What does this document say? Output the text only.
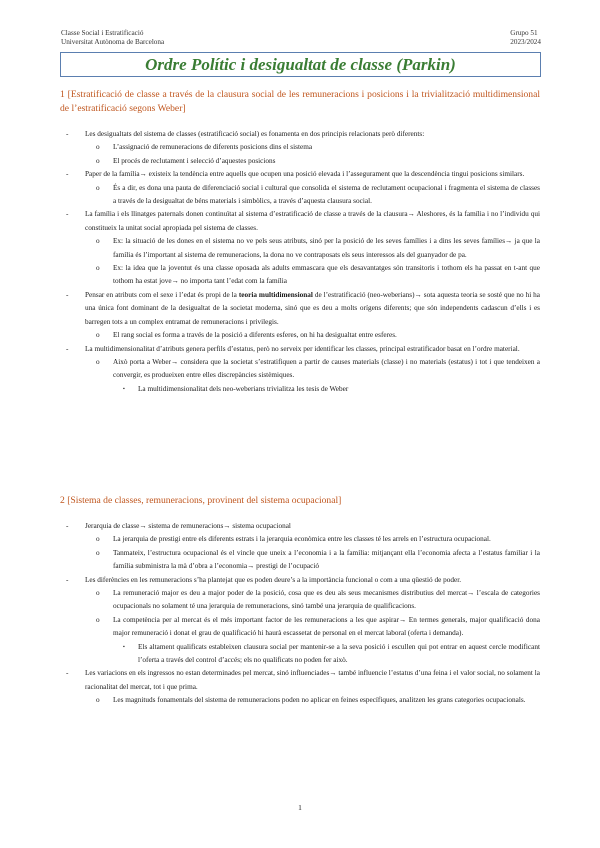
Classe Social i Estratificació
Universitat Autònoma de Barcelona
Grupo 51
2023/2024
Ordre Polític i desigualtat de classe (Parkin)
1 [Estratificació de classe a través de la clausura social de les remuneracions i posicions i la trivialització multidimensional de l’estratificació segons Weber]
- Les desigualtats del sistema de classes (estratificació social) es fonamenta en dos principis relacionats però diferents:
o L’assignació de remuneracions de diferents posicions dins el sistema
o El procés de reclutament i selecció d’aquestes posicions
- Paper de la família→ existeix la tendència entre aquells que ocupen una posició elevada i l’assegurament que la descendència tingui posicions similars.
o És a dir, es dona una pauta de diferenciació social i cultural que consolida el sistema de reclutament ocupacional i fragmenta el sistema de classes a través de la desigualtat de béns materials i simbòlics, a través d’aquesta clausura social.
- La família i els llinatges paternals donen continuïtat al sistema d’estratificació de classe a través de la clausura→ Aleshores, és la família i no l’individu qui constitueix la unitat social apropiada pel sistema de classes.
o Ex: la situació de les dones en el sistema no ve pels seus atributs, sinó per la posició de les seves famílies i a dins les seves famílies→ ja que la família és l’important al sistema de remuneracions, la dona no ve contraposats els seus interessos als del guanyador de pa.
o Ex: la idea que la joventut és una classe oposada als adults emmascara que els desavantatges són transitoris i tothom els ha passat en t-ant que tothom ha estat jove→ no importa tant l’edat com la família
- Pensar en atributs com el sexe i l’edat és propi de la teoria multidimensional de l’estratificació (neo-weberians)→ sota aquesta teoria se sosté que no hi ha una única font dominant de la desigualtat de la societat moderna, sinó que es deu a molts orígens diferents; que són independents cadascun d’ells i es barregen tots a un complex entramat de remuneracions i privilegis.
o El rang social es forma a través de la posició a diferents esferes, on hi ha desigualtat entre esferes.
- La multidimensionalitat d’atributs genera perfils d’estatus, però no serveix per identificar les classes, principal estratificador basat en l’ordre material.
o Això porta a Weber→ considera que la societat s’estratifiquen a partir de causes materials (classe) i no materials (estatus) i tot i que tendeixen a convergir, es produeixen entre elles discrepàncies sistèmiques.
▪ La multidimensionalitat dels neo-weberians trivialitza les tesis de Weber
2 [Sistema de classes, remuneracions, provinent del sistema ocupacional]
- Jerarquia de classe→ sistema de remuneracions→ sistema ocupacional
o La jerarquia de prestigi entre els diferents estrats i la jerarquia econòmica entre les classes té les arrels en l’estructura ocupacional.
o Tanmateix, l’estructura ocupacional és el vincle que uneix a l’economia i a la família: mitjançant ella l’economia afecta a l’estatus familiar i la família subministra la mà d’obra a l’economia→ prestigi de l’ocupació
- Les diferències en les remuneracions s’ha plantejat que es poden deure’s a la importància funcional o com a una qüestió de poder.
o La remuneració major es deu a major poder de la posició, cosa que es deu als seus mecanismes distributius del mercat→ l’escala de categories ocupacionals no solament té una jerarquia de remuneracions, sinó també una jerarquia de qualificacions.
o La competència per al mercat és el més important factor de les remuneracions a les que aspirar→ En termes generals, major qualificació dona major remuneració i donat el grau de qualificació hi haurà escassetat de personal en el mercat laboral (oferta i demanda).
▪ Els altament qualificats estableixen clausura social per mantenir-se a la seva posició i escullen qui pot entrar en aquest cercle modificant l’oferta a través del control d’accés; els no qualificats no poden fer això.
- Les variacions en els ingressos no estan determinades pel mercat, sinó influenciades→ també influencie l’estatus d’una feina i el valor social, no solament la racionalitat del mercat, tot i que prima.
o Les magnituds fonamentals del sistema de remuneracions poden no aplicar en feines específiques, analitzen les grans categories ocupacionals.
1
